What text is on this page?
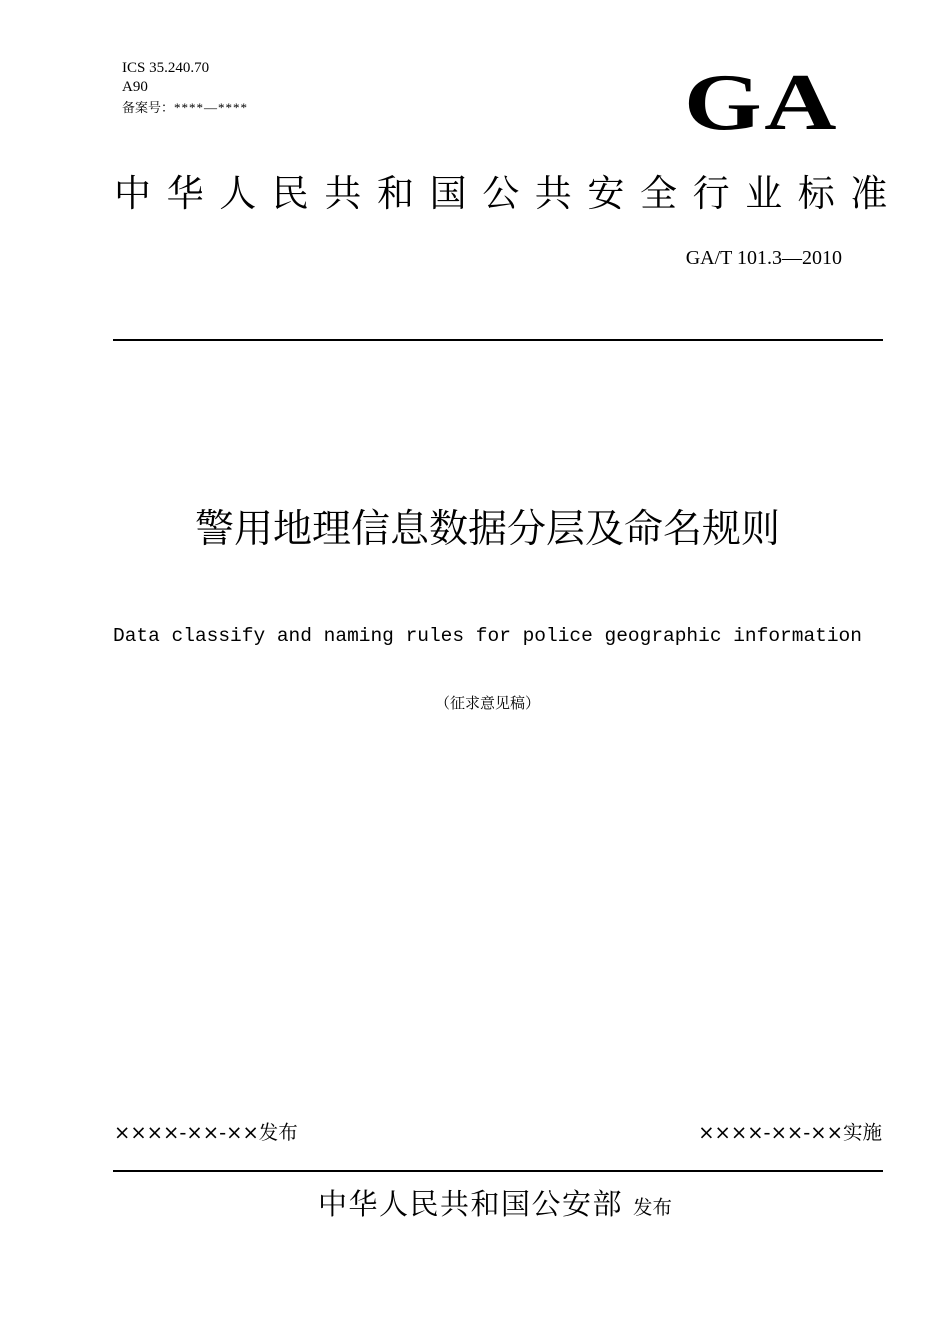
ICS 35.240.70
A90
备案号：****—****	GA
中华人民共和国公共安全行业标准
GA/T 101.3—2010
警用地理信息数据分层及命名规则
Data classify and naming rules for police geographic information
（征求意见稿）
××××-××-××发布	××××-××-××实施
中华人民共和国公安部 发布
